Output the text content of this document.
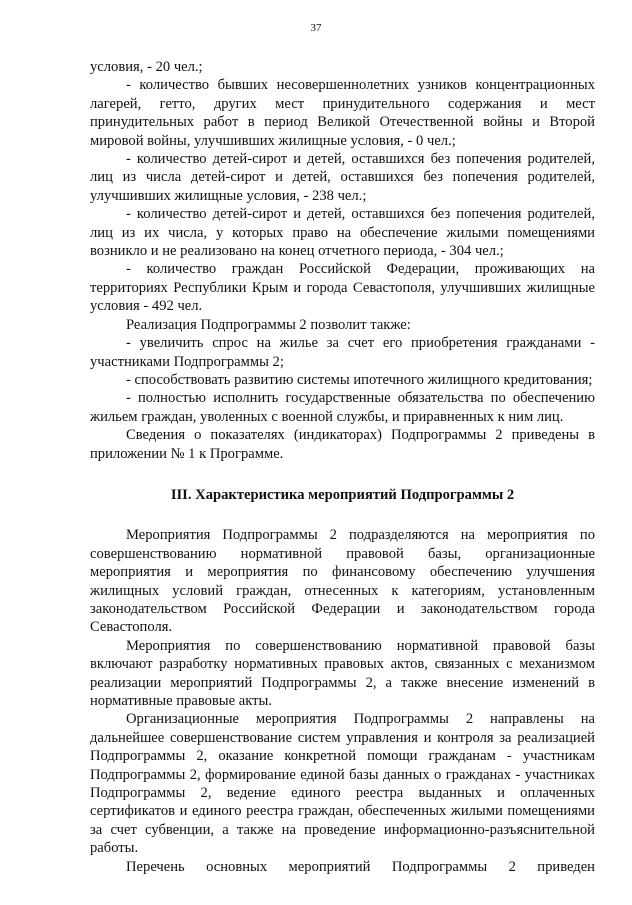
37

условия, - 20 чел.;

- количество бывших несовершеннолетних узников концентрационных лагерей, гетто, других мест принудительного содержания и мест принудительных работ в период Великой Отечественной войны и Второй мировой войны, улучшивших жилищные условия, - 0 чел.;

- количество детей-сирот и детей, оставшихся без попечения родителей, лиц из числа детей-сирот и детей, оставшихся без попечения родителей, улучшивших жилищные условия, - 238 чел.;

- количество детей-сирот и детей, оставшихся без попечения родителей, лиц из их числа, у которых право на обеспечение жилыми помещениями возникло и не реализовано на конец отчетного периода, - 304 чел.;

- количество граждан Российской Федерации, проживающих на территориях Республики Крым и города Севастополя, улучшивших жилищные условия - 492 чел.

Реализация Подпрограммы 2 позволит также:

- увеличить спрос на жилье за счет его приобретения гражданами - участниками Подпрограммы 2;

- способствовать развитию системы ипотечного жилищного кредитования;

- полностью исполнить государственные обязательства по обеспечению жильем граждан, уволенных с военной службы, и приравненных к ним лиц.

Сведения о показателях (индикаторах) Подпрограммы 2 приведены в приложении № 1 к Программе.

III. Характеристика мероприятий Подпрограммы 2

Мероприятия Подпрограммы 2 подразделяются на мероприятия по совершенствованию нормативной правовой базы, организационные мероприятия и мероприятия по финансовому обеспечению улучшения жилищных условий граждан, отнесенных к категориям, установленным законодательством Российской Федерации и законодательством города Севастополя.

Мероприятия по совершенствованию нормативной правовой базы включают разработку нормативных правовых актов, связанных с механизмом реализации мероприятий Подпрограммы 2, а также внесение изменений в нормативные правовые акты.

Организационные мероприятия Подпрограммы 2 направлены на дальнейшее совершенствование систем управления и контроля за реализацией Подпрограммы 2, оказание конкретной помощи гражданам - участникам Подпрограммы 2, формирование единой базы данных о гражданах - участниках Подпрограммы 2, ведение единого реестра выданных и оплаченных сертификатов и единого реестра граждан, обеспеченных жилыми помещениями за счет субвенции, а также на проведение информационно-разъяснительной работы.

Перечень основных мероприятий Подпрограммы 2 приведен
